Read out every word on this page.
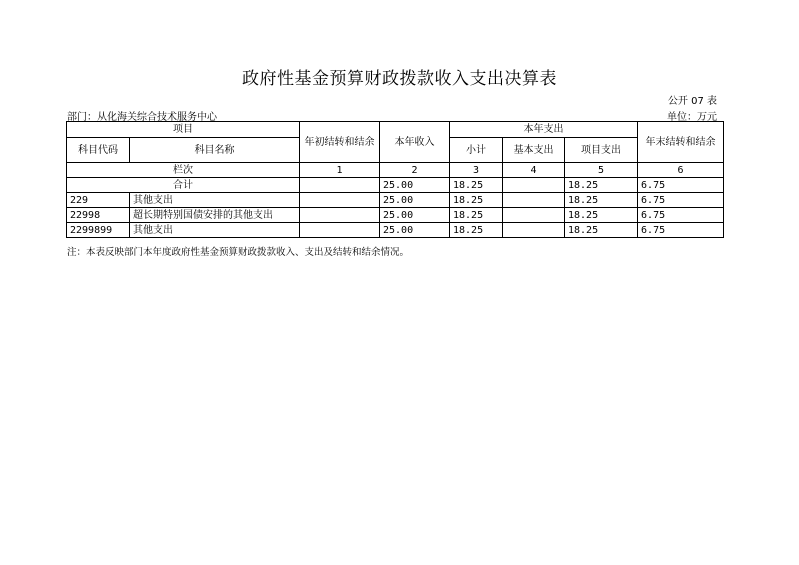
政府性基金预算财政拨款收入支出决算表
公开 07 表
部门：从化海关综合技术服务中心	单位：万元
项目		年初结转和结余	本年收入	本年支出			年末结转和结余
科目代码	科目名称			小计	基本支出	项目支出	
栏次		1	2	3	4	5	6
合计			25.00	18.25		18.25	6.75
229	其他支出		25.00	18.25		18.25	6.75
22998	超长期特别国债安排的其他支出		25.00	18.25		18.25	6.75
2299899	其他支出		25.00	18.25		18.25	6.75
注：本表反映部门本年度政府性基金预算财政拨款收入、支出及结转和结余情况。
